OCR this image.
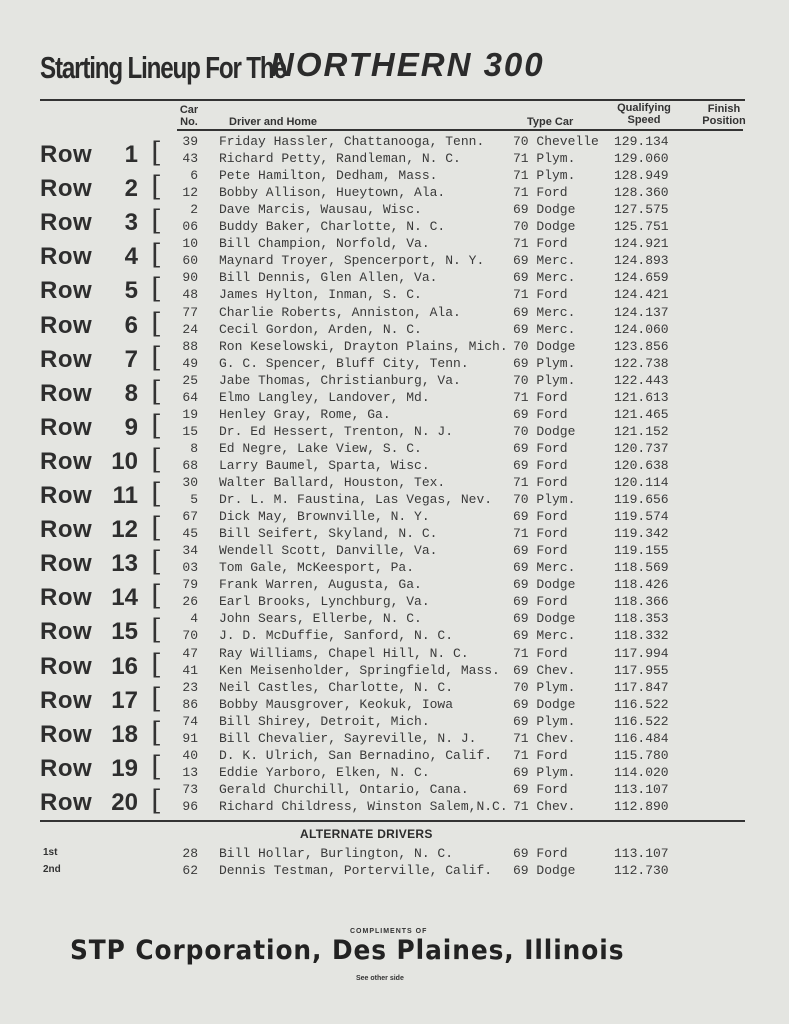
Starting Lineup For The
NORTHERN 300
Car
No.	Driver and Home	Type Car
Qualifying
Speed
Finish
Position
Row 1 [	39 Friday Hassler, Chattanooga, Tenn. 70 Chevelle 129.134
43 Richard Petty, Randleman, N. C.	71 Plym.	129.060
Row 2 [	6 Pete Hamilton, Dedham, Mass.	71 Plym.	128.949
12 Bobby Allison, Hueytown, Ala.	71 Ford	128.360
Row 3 [	2 Dave Marcis, Wausau, Wisc.	69 Dodge	127.575
06 Buddy Baker, Charlotte, N. C.	70 Dodge	125.751
Row 4 [	10 Bill Champion, Norfold, Va.	71 Ford	124.921
60 Maynard Troyer, Spencerport, N. Y. 69 Merc.	124.893
Row 5 [	90 Bill Dennis, Glen Allen, Va.	69 Merc.	124.659
48 James Hylton, Inman, S. C.	71 Ford	124.421
Row 6 [	77 Charlie Roberts, Anniston, Ala.	69 Merc.	124.137
24 Cecil Gordon, Arden, N. C.	69 Merc.	124.060
Row 7 [	88 Ron Keselowski, Drayton Plains, Mich. 70 Dodge	123.856
49 G. C. Spencer, Bluff City, Tenn.	69 Plym.	122.738
Row 8 [	25 Jabe Thomas, Christianburg, Va.	70 Plym.	122.443
64 Elmo Langley, Landover, Md.	71 Ford	121.613
Row 9 [	19 Henley Gray, Rome, Ga.	69 Ford	121.465
15 Dr. Ed Hessert, Trenton, N. J.	70 Dodge	121.152
Row 10 [	8 Ed Negre, Lake View, S. C.	69 Ford	120.737
68 Larry Baumel, Sparta, Wisc.	69 Ford	120.638
Row 11 [	30 Walter Ballard, Houston, Tex.	71 Ford	120.114
5 Dr. L. M. Faustina, Las Vegas, Nev. 70 Plym.	119.656
Row 12 [	67 Dick May, Brownville, N. Y.	69 Ford	119.574
45 Bill Seifert, Skyland, N. C.	71 Ford	119.342
Row 13 [	34 Wendell Scott, Danville, Va.	69 Ford	119.155
03 Tom Gale, McKeesport, Pa.	69 Merc.	118.569
Row 14 [	79 Frank Warren, Augusta, Ga.	69 Dodge	118.426
26 Earl Brooks, Lynchburg, Va.	69 Ford	118.366
Row 15 [	4 John Sears, Ellerbe, N. C.	69 Dodge	118.353
70 J. D. McDuffie, Sanford, N. C.	69 Merc.	118.332
Row 16 [	47 Ray Williams, Chapel Hill, N. C.	71 Ford	117.994
41 Ken Meisenholder, Springfield, Mass. 69 Chev.	117.955
Row 17 [	23 Neil Castles, Charlotte, N. C.	70 Plym.	117.847
86 Bobby Mausgrover, Keokuk, Iowa	69 Dodge	116.522
Row 18 [	74 Bill Shirey, Detroit, Mich.	69 Plym.	116.522
91 Bill Chevalier, Sayreville, N. J.	71 Chev.	116.484
Row 19 [	40 D. K. Ulrich, San Bernadino, Calif. 71 Ford	115.780
13 Eddie Yarboro, Elken, N. C.	69 Plym.	114.020
Row 20 [	73 Gerald Churchill, Ontario, Cana.	69 Ford	113.107
96 Richard Childress, Winston Salem,N.C. 71 Chev.	112.890
ALTERNATE DRIVERS
1st	28 Bill Hollar, Burlington, N. C.	69 Ford	113.107
2nd	62 Dennis Testman, Porterville, Calif. 69 Dodge	112.730
COMPLIMENTS OF
STP Corporation, Des Plaines, Illinois
See other side
